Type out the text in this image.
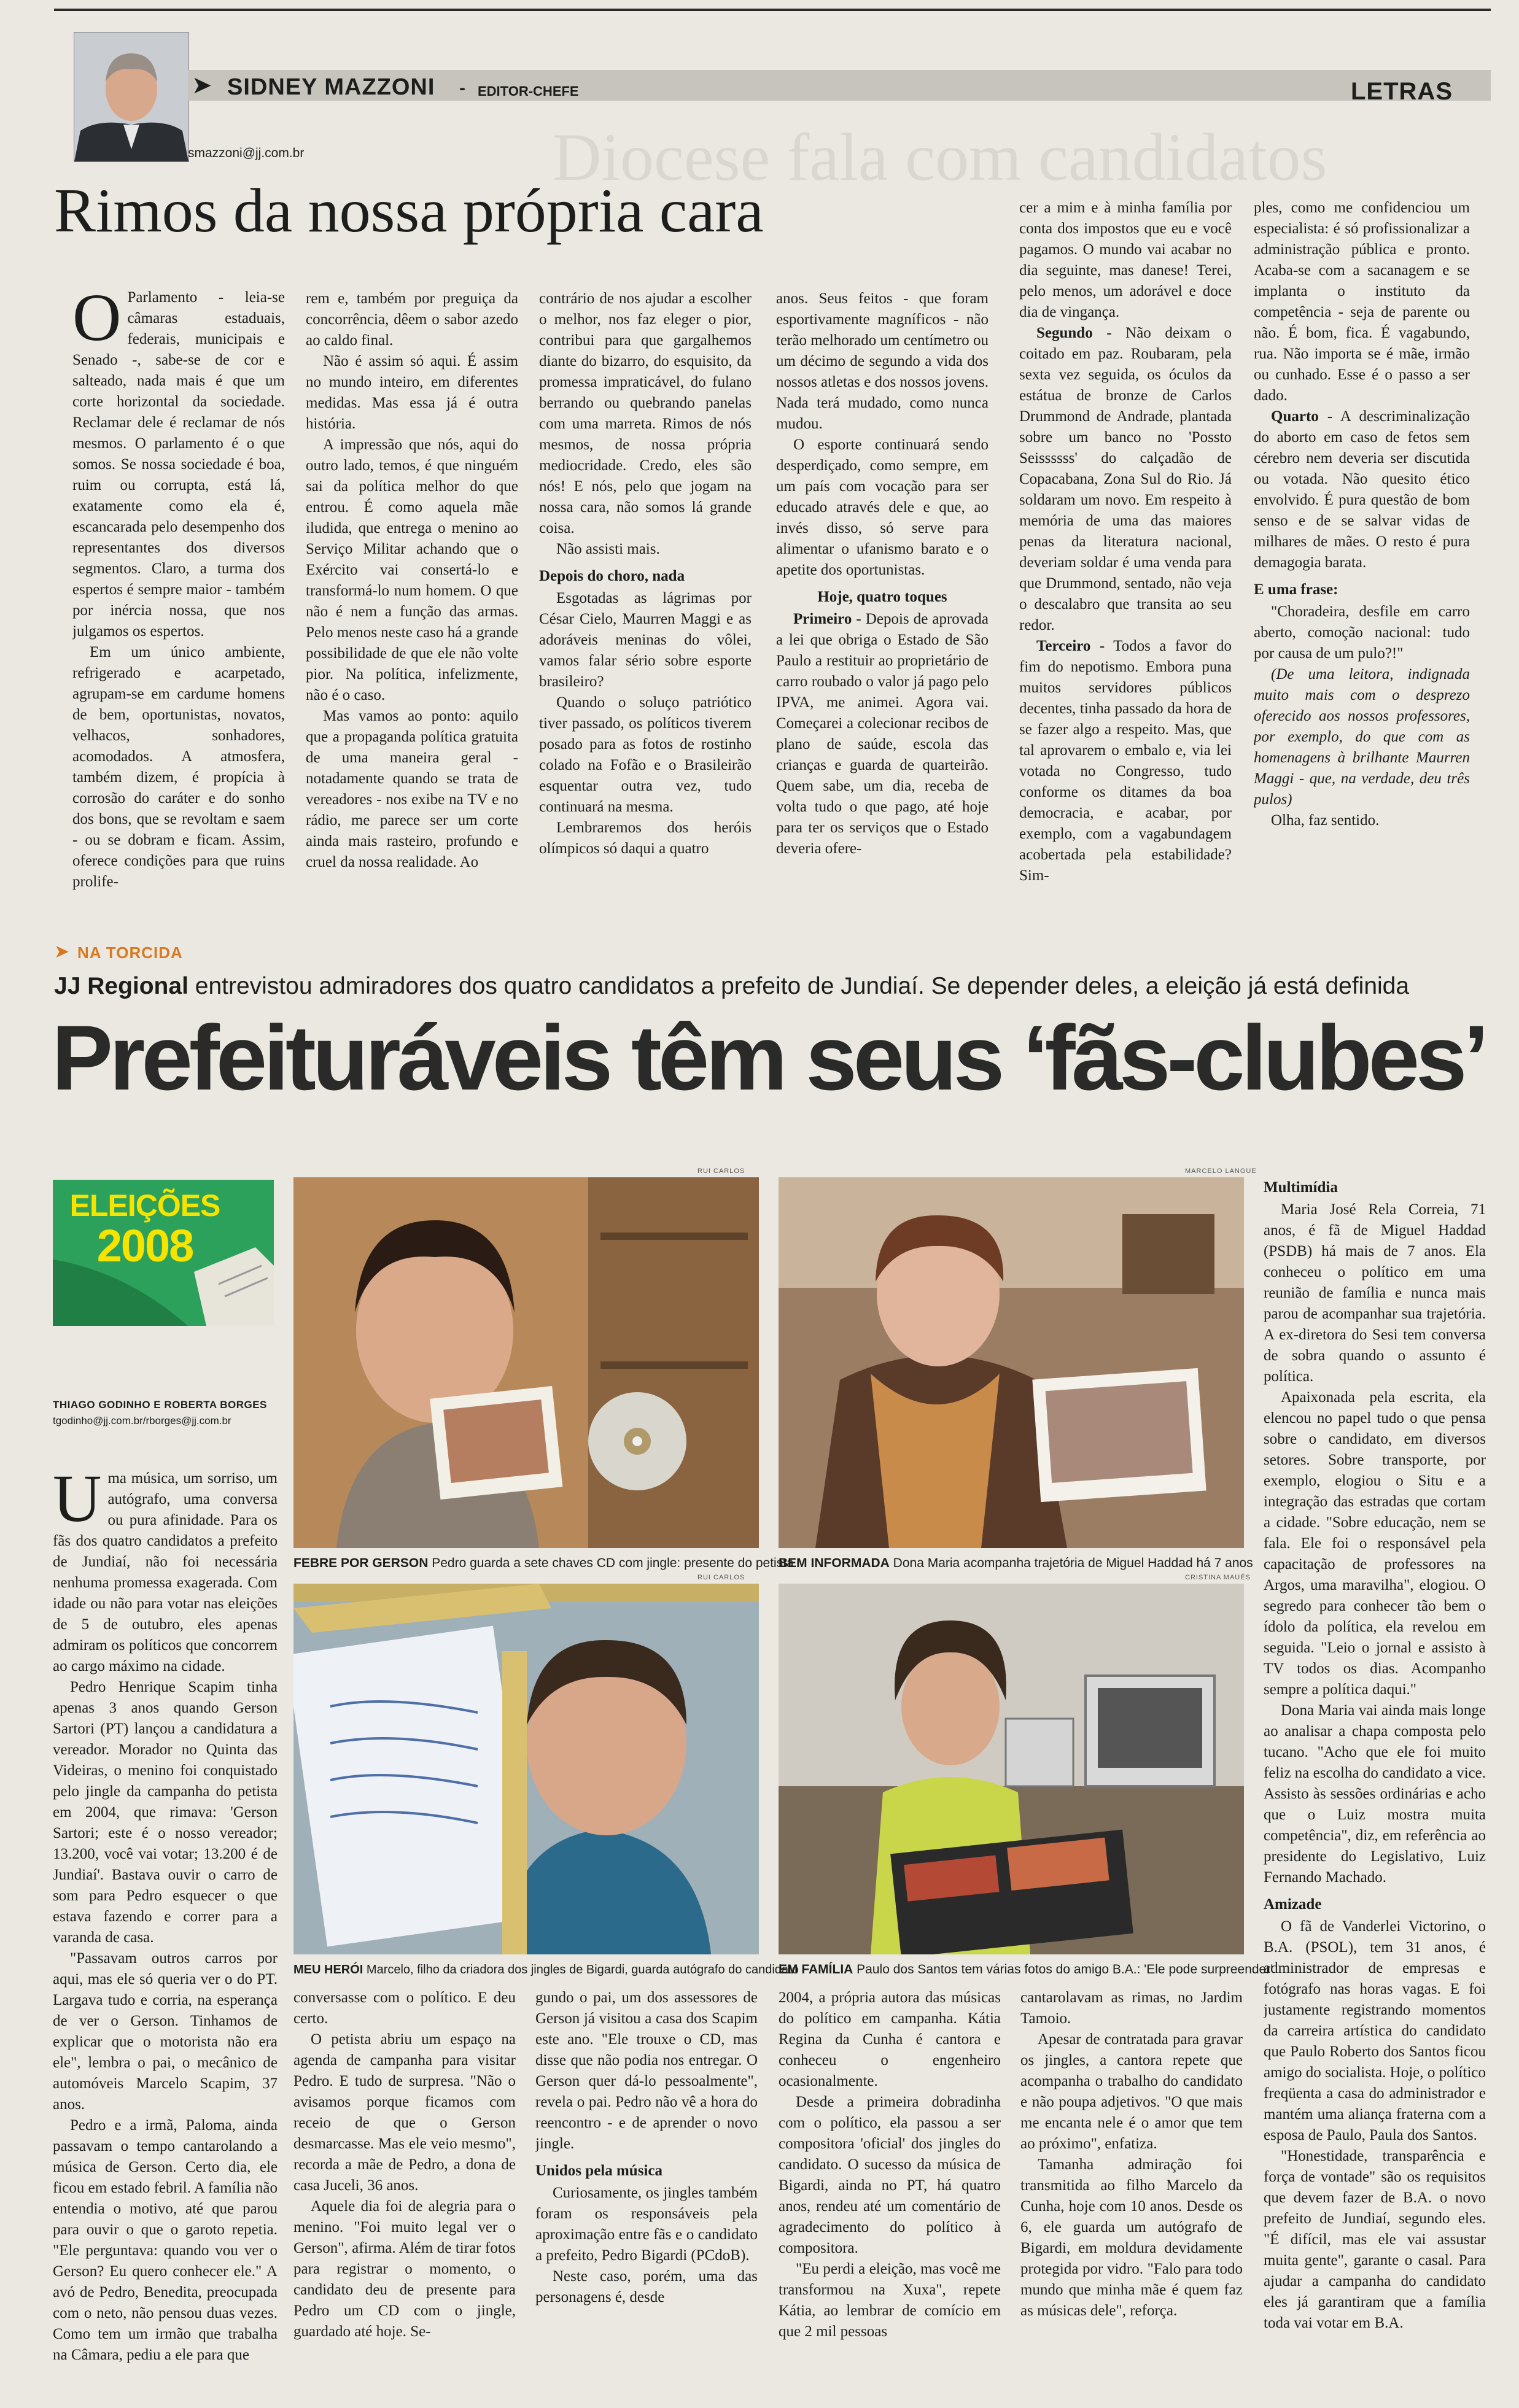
➤ SIDNEY MAZZONI - EDITOR-CHEFE	LETRAS
smazzoni@jj.com.br	Diocese fala com candidatos
Rimos da nossa própria cara
O Parlamento - leia-se câmaras estaduais, federais, municipais e Senado -, sabe-se de cor e salteado, nada mais é que um corte horizontal da sociedade. Reclamar dele é reclamar de nós mesmos. O parlamento é o que somos. Se nossa sociedade é boa, ruim ou corrupta, está lá, exatamente como ela é, escancarada pelo desempenho dos representantes dos diversos segmentos. Claro, a turma dos espertos é sempre maior - também por inércia nossa, que nos julgamos os espertos.

Em um único ambiente, refrigerado e acarpetado, agrupam-se em cardume homens de bem, oportunistas, novatos, velhacos, sonhadores, acomodados. A atmosfera, também dizem, é propícia à corrosão do caráter e do sonho dos bons, que se revoltam e saem - ou se dobram e ficam. Assim, oferece condições para que ruins prolife-

rem e, também por preguiça da concorrência, dêem o sabor azedo ao caldo final.

Não é assim só aqui. É assim no mundo inteiro, em diferentes medidas. Mas essa já é outra história.

A impressão que nós, aqui do outro lado, temos, é que ninguém sai da política melhor do que entrou. É como aquela mãe iludida, que entrega o menino ao Serviço Militar achando que o Exército vai consertá-lo e transformá-lo num homem. O que não é nem a função das armas. Pelo menos neste caso há a grande possibilidade de que ele não volte pior. Na política, infelizmente, não é o caso.

Mas vamos ao ponto: aquilo que a propaganda política gratuita de uma maneira geral - notadamente quando se trata de vereadores - nos exibe na TV e no rádio, me parece ser um corte ainda mais rasteiro, profundo e cruel da nossa realidade. Ao

contrário de nos ajudar a escolher o melhor, nos faz eleger o pior, contribui para que gargalhemos diante do bizarro, do esquisito, da promessa impraticável, do fulano berrando ou quebrando panelas com uma marreta. Rimos de nós mesmos, de nossa própria mediocridade. Credo, eles são nós! E nós, pelo que jogam na nossa cara, não somos lá grande coisa.

Não assisti mais.

Depois do choro, nada

Esgotadas as lágrimas por César Cielo, Maurren Maggi e as adoráveis meninas do vôlei, vamos falar sério sobre esporte brasileiro?

Quando o soluço patriótico tiver passado, os políticos tiverem posado para as fotos de rostinho colado na Fofão e o Brasileirão esquentar outra vez, tudo continuará na mesma.

Lembraremos dos heróis olímpicos só daqui a quatro

anos. Seus feitos - que foram esportivamente magníficos - não terão melhorado um centímetro ou um décimo de segundo a vida dos nossos atletas e dos nossos jovens. Nada terá mudado, como nunca mudou.

O esporte continuará sendo desperdiçado, como sempre, em um país com vocação para ser educado através dele e que, ao invés disso, só serve para alimentar o ufanismo barato e o apetite dos oportunistas.

Hoje, quatro toques

Primeiro - Depois de aprovada a lei que obriga o Estado de São Paulo a restituir ao proprietário de carro roubado o valor já pago pelo IPVA, me animei. Agora vai. Começarei a colecionar recibos de plano de saúde, escola das crianças e guarda de quarteirão. Quem sabe, um dia, receba de volta tudo o que pago, até hoje para ter os serviços que o Estado deveria ofere-

cer a mim e à minha família por conta dos impostos que eu e você pagamos. O mundo vai acabar no dia seguinte, mas danese! Terei, pelo menos, um adorável e doce dia de vingança.

Segundo - Não deixam o coitado em paz. Roubaram, pela sexta vez seguida, os óculos da estátua de bronze de Carlos Drummond de Andrade, plantada sobre um banco no 'Possto Seissssss' do calçadão de Copacabana, Zona Sul do Rio. Já soldaram um novo. Em respeito à memória de uma das maiores penas da literatura nacional, deveriam soldar é uma venda para que Drummond, sentado, não veja o descalabro que transita ao seu redor.

Terceiro - Todos a favor do fim do nepotismo. Embora puna muitos servidores públicos decentes, tinha passado da hora de se fazer algo a respeito. Mas, que tal aprovarem o embalo e, via lei votada no Congresso, tudo conforme os ditames da boa democracia, e acabar, por exemplo, com a vagabundagem acobertada pela estabilidade? Sim-

ples, como me confidenciou um especialista: é só profissionalizar a administração pública e pronto. Acaba-se com a sacanagem e se implanta o instituto da competência - seja de parente ou não. É bom, fica. É vagabundo, rua. Não importa se é mãe, irmão ou cunhado. Esse é o passo a ser dado.

Quarto - A descriminalização do aborto em caso de fetos sem cérebro nem deveria ser discutida ou votada. Não quesito ético envolvido. É pura questão de bom senso e de se salvar vidas de milhares de mães. O resto é pura demagogia barata.

E uma frase:

"Choradeira, desfile em carro aberto, comoção nacional: tudo por causa de um pulo?!"

(De uma leitora, indignada muito mais com o desprezo oferecido aos nossos professores, por exemplo, do que com as homenagens à brilhante Maurren Maggi - que, na verdade, deu três pulos)

Olha, faz sentido.

➤ NA TORCIDA
JJ Regional entrevistou admiradores dos quatro candidatos a prefeito de Jundiaí. Se depender deles, a eleição já está definida
Prefeituráveis têm seus ‘fãs-clubes’
ELEIÇÕES
2008
THIAGO GODINHO E ROBERTA BORGES
tgodinho@jj.com.br/rborges@jj.com.br
RUI CARLOS
FEBRE POR GERSON Pedro guarda a sete chaves CD com jingle: presente do petista
MARCELO LANGUE
BEM INFORMADA Dona Maria acompanha trajetória de Miguel Haddad há 7 anos
RUI CARLOS
MEU HERÓI Marcelo, filho da criadora dos jingles de Bigardi, guarda autógrafo do candidato
CRISTINA MAUÉS
EM FAMÍLIA Paulo dos Santos tem várias fotos do amigo B.A.: 'Ele pode surpreender'
U ma música, um sorriso, um autógrafo, uma conversa ou pura afinidade. Para os fãs dos quatro candidatos a prefeito de Jundiaí, não foi necessária nenhuma promessa exagerada. Com idade ou não para votar nas eleições de 5 de outubro, eles apenas admiram os políticos que concorrem ao cargo máximo na cidade.

Pedro Henrique Scapim tinha apenas 3 anos quando Gerson Sartori (PT) lançou a candidatura a vereador. Morador no Quinta das Videiras, o menino foi conquistado pelo jingle da campanha do petista em 2004, que rimava: 'Gerson Sartori; este é o nosso vereador; 13.200, você vai votar; 13.200 é de Jundiaí'. Bastava ouvir o carro de som para Pedro esquecer o que estava fazendo e correr para a varanda de casa.

"Passavam outros carros por aqui, mas ele só queria ver o do PT. Largava tudo e corria, na esperança de ver o Gerson. Tinhamos de explicar que o motorista não era ele", lembra o pai, o mecânico de automóveis Marcelo Scapim, 37 anos.

Pedro e a irmã, Paloma, ainda passavam o tempo cantarolando a música de Gerson. Certo dia, ele ficou em estado febril. A família não entendia o motivo, até que parou para ouvir o que o garoto repetia. "Ele perguntava: quando vou ver o Gerson? Eu quero conhecer ele." A avó de Pedro, Benedita, preocupada com o neto, não pensou duas vezes. Como tem um irmão que trabalha na Câmara, pediu a ele para que

conversasse com o político. E deu certo.

O petista abriu um espaço na agenda de campanha para visitar Pedro. E tudo de surpresa. "Não o avisamos porque ficamos com receio de que o Gerson desmarcasse. Mas ele veio mesmo", recorda a mãe de Pedro, a dona de casa Juceli, 36 anos.

Aquele dia foi de alegria para o menino. "Foi muito legal ver o Gerson", afirma. Além de tirar fotos para registrar o momento, o candidato deu de presente para Pedro um CD com o jingle, guardado até hoje. Se-

gundo o pai, um dos assessores de Gerson já visitou a casa dos Scapim este ano. "Ele trouxe o CD, mas disse que não podia nos entregar. O Gerson quer dá-lo pessoalmente", revela o pai. Pedro não vê a hora do reencontro - e de aprender o novo jingle.

Unidos pela música

Curiosamente, os jingles também foram os responsáveis pela aproximação entre fãs e o candidato a prefeito, Pedro Bigardi (PCdoB).

Neste caso, porém, uma das personagens é, desde

2004, a própria autora das músicas do político em campanha. Kátia Regina da Cunha é cantora e conheceu o engenheiro ocasionalmente.

Desde a primeira dobradinha com o político, ela passou a ser compositora 'oficial' dos jingles do candidato. O sucesso da música de Bigardi, ainda no PT, há quatro anos, rendeu até um comentário de agradecimento do político à compositora.

"Eu perdi a eleição, mas você me transformou na Xuxa", repete Kátia, ao lembrar de comício em que 2 mil pessoas

cantarolavam as rimas, no Jardim Tamoio.

Apesar de contratada para gravar os jingles, a cantora repete que acompanha o trabalho do candidato e não poupa adjetivos. "O que mais me encanta nele é o amor que tem ao próximo", enfatiza.

Tamanha admiração foi transmitida ao filho Marcelo da Cunha, hoje com 10 anos. Desde os 6, ele guarda um autógrafo de Bigardi, em moldura devidamente protegida por vidro. "Falo para todo mundo que minha mãe é quem faz as músicas dele", reforça.

Multimídia

Maria José Rela Correia, 71 anos, é fã de Miguel Haddad (PSDB) há mais de 7 anos. Ela conheceu o político em uma reunião de família e nunca mais parou de acompanhar sua trajetória. A ex-diretora do Sesi tem conversa de sobra quando o assunto é política.

Apaixonada pela escrita, ela elencou no papel tudo o que pensa sobre o candidato, em diversos setores. Sobre transporte, por exemplo, elogiou o Situ e a integração das estradas que cortam a cidade. "Sobre educação, nem se fala. Ele foi o responsável pela capacitação de professores na Argos, uma maravilha", elogiou. O segredo para conhecer tão bem o ídolo da política, ela revelou em seguida. "Leio o jornal e assisto à TV todos os dias. Acompanho sempre a política daqui."

Dona Maria vai ainda mais longe ao analisar a chapa composta pelo tucano. "Acho que ele foi muito feliz na escolha do candidato a vice. Assisto às sessões ordinárias e acho que o Luiz mostra muita competência", diz, em referência ao presidente do Legislativo, Luiz Fernando Machado.

Amizade

O fã de Vanderlei Victorino, o B.A. (PSOL), tem 31 anos, é administrador de empresas e fotógrafo nas horas vagas. E foi justamente registrando momentos da carreira artística do candidato que Paulo Roberto dos Santos ficou amigo do socialista. Hoje, o político freqüenta a casa do administrador e mantém uma aliança fraterna com a esposa de Paulo, Paula dos Santos.

"Honestidade, transparência e força de vontade" são os requisitos que devem fazer de B.A. o novo prefeito de Jundiaí, segundo eles. "É difícil, mas ele vai assustar muita gente", garante o casal. Para ajudar a campanha do candidato eles já garantiram que a família toda vai votar em B.A.
